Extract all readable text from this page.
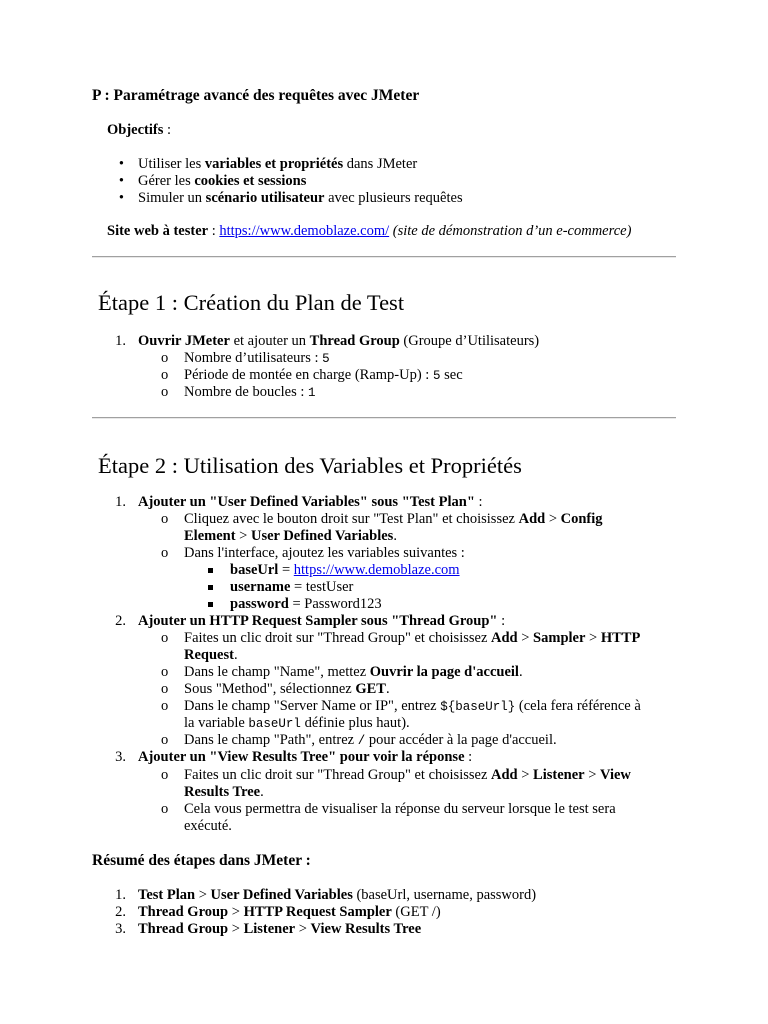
P : Paramétrage avancé des requêtes avec JMeter
Objectifs :
•
Utiliser les variables et propriétés dans JMeter
•
Gérer les cookies et sessions
•
Simuler un scénario utilisateur avec plusieurs requêtes
Site web à tester : https://www.demoblaze.com/ (site de démonstration d’un e-commerce)
Étape 1 : Création du Plan de Test
1. Ouvrir JMeter et ajouter un Thread Group (Groupe d’Utilisateurs)
o
Nombre d’utilisateurs : 5
o
Période de montée en charge (Ramp-Up) : 5 sec
o
Nombre de boucles : 1
Étape 2 : Utilisation des Variables et Propriétés
1. Ajouter un "User Defined Variables" sous "Test Plan" :
o
Cliquez avec le bouton droit sur "Test Plan" et choisissez Add > Config
Element > User Defined Variables.
o
Dans l'interface, ajoutez les variables suivantes :
baseUrl = https://www.demoblaze.com
username = testUser
password = Password123
2. Ajouter un HTTP Request Sampler sous "Thread Group" :
o
Faites un clic droit sur "Thread Group" et choisissez Add > Sampler > HTTP
Request.
o
Dans le champ "Name", mettez Ouvrir la page d'accueil.
o
Sous "Method", sélectionnez GET.
o
Dans le champ "Server Name or IP", entrez ${baseUrl} (cela fera référence à
la variable baseUrl définie plus haut).
o
Dans le champ "Path", entrez / pour accéder à la page d'accueil.
3. Ajouter un "View Results Tree" pour voir la réponse :
o
Faites un clic droit sur "Thread Group" et choisissez Add > Listener > View
Results Tree.
o
Cela vous permettra de visualiser la réponse du serveur lorsque le test sera
exécuté.
Résumé des étapes dans JMeter :
1. Test Plan > User Defined Variables (baseUrl, username, password)
2. Thread Group > HTTP Request Sampler (GET /)
3. Thread Group > Listener > View Results Tree
